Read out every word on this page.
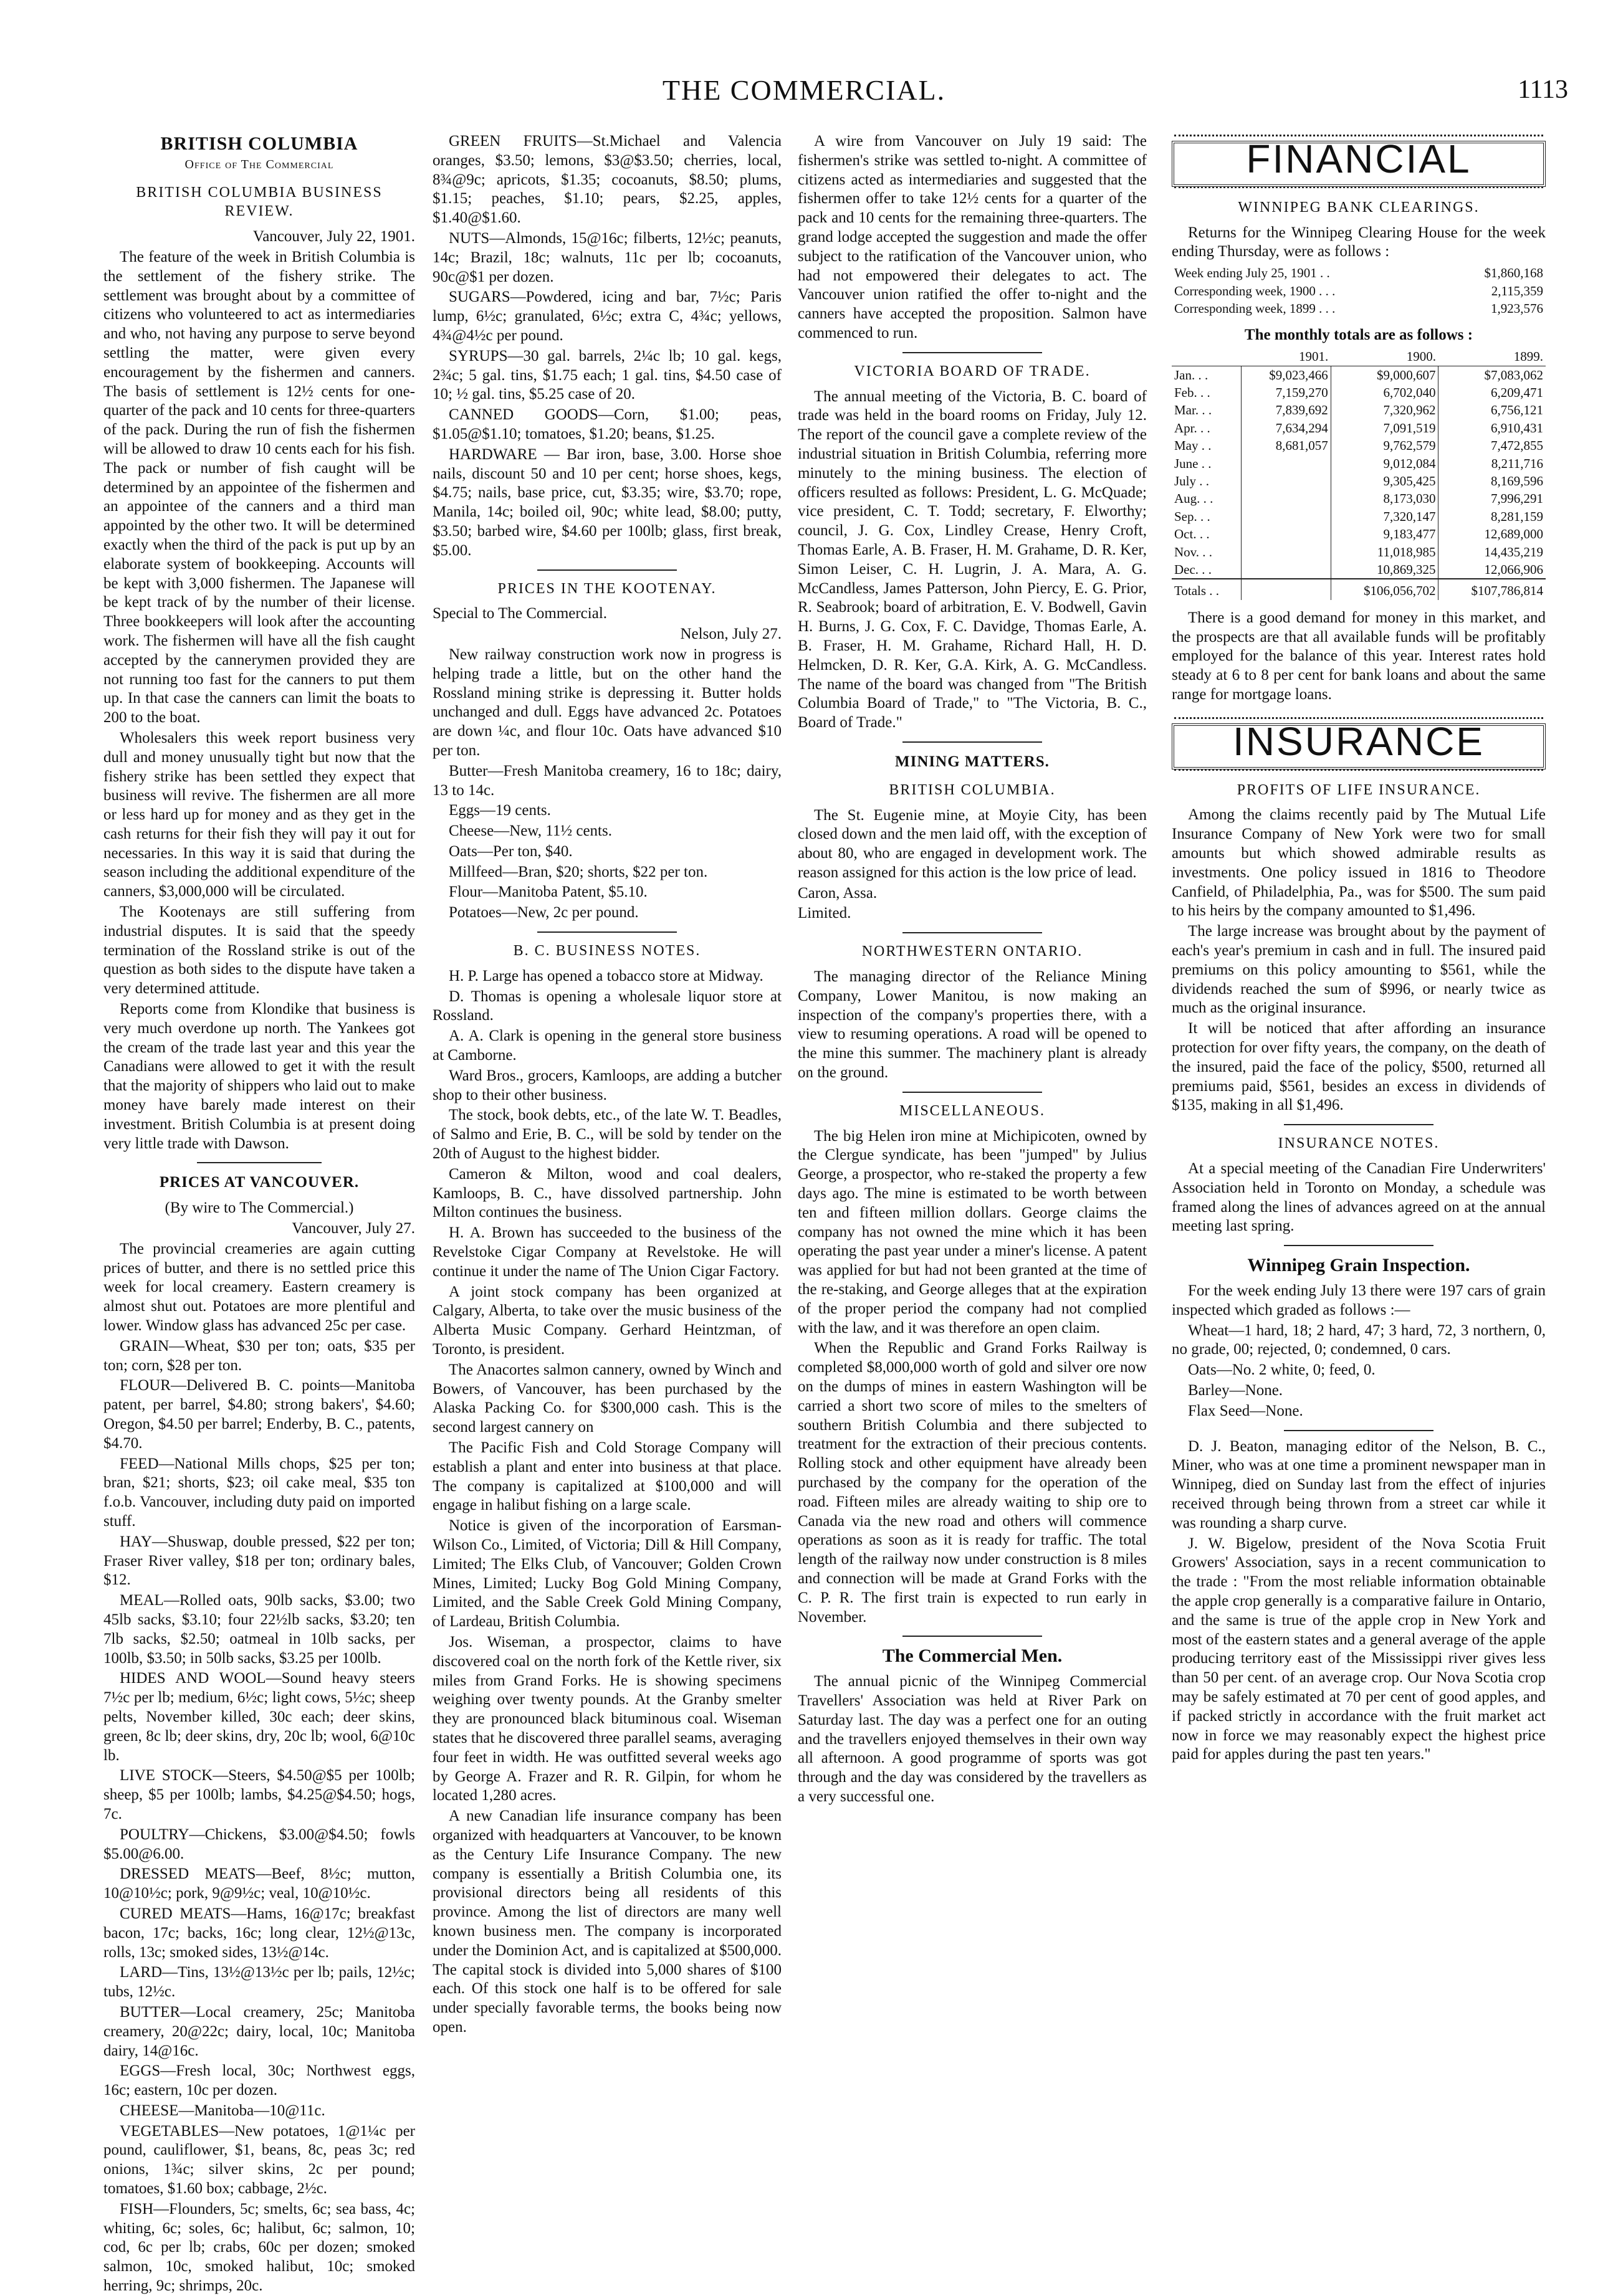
THE COMMERCIAL.	1113
BRITISH COLUMBIA
Office of The Commercial
BRITISH COLUMBIA BUSINESS REVIEW.

Vancouver, July 22, 1901.

The feature of the week in British Columbia is the settlement of the fishery strike. The settlement was brought about by a committee of citizens who volunteered to act as intermediaries and who, not having any purpose to serve beyond settling the matter, were given every encouragement by the fishermen and canners. The basis of settlement is 12½ cents for one-quarter of the pack and 10 cents for three-quarters of the pack. During the run of fish the fishermen will be allowed to draw 10 cents each for his fish. The pack or number of fish caught will be determined by an appointee of the fishermen and an appointee of the canners and a third man appointed by the other two. It will be determined exactly when the third of the pack is put up by an elaborate system of bookkeeping. Accounts will be kept with 3,000 fishermen. The Japanese will be kept track of by the number of their license. Three bookkeepers will look after the accounting work. The fishermen will have all the fish caught accepted by the cannerymen provided they are not running too fast for the canners to put them up. In that case the canners can limit the boats to 200 to the boat.

Wholesalers this week report business very dull and money unusually tight but now that the fishery strike has been settled they expect that business will revive. The fishermen are all more or less hard up for money and as they get in the cash returns for their fish they will pay it out for necessaries. In this way it is said that during the season including the additional expenditure of the canners, $3,000,000 will be circulated.

The Kootenays are still suffering from industrial disputes. It is said that the speedy termination of the Rossland strike is out of the question as both sides to the dispute have taken a very determined attitude.

Reports come from Klondike that business is very much overdone up north. The Yankees got the cream of the trade last year and this year the Canadians were allowed to get it with the result that the majority of shippers who laid out to make money have barely made interest on their investment. British Columbia is at present doing very little trade with Dawson.

PRICES AT VANCOUVER.

(By wire to The Commercial.)

Vancouver, July 27.

The provincial creameries are again cutting prices of butter, and there is no settled price this week for local creamery. Eastern creamery is almost shut out. Potatoes are more plentiful and lower. Window glass has advanced 25c per case.

GRAIN—Wheat, $30 per ton; oats, $35 per ton; corn, $28 per ton.

FLOUR—Delivered B. C. points—Manitoba patent, per barrel, $4.80; strong bakers', $4.60; Oregon, $4.50 per barrel; Enderby, B. C., patents, $4.70.

FEED—National Mills chops, $25 per ton; bran, $21; shorts, $23; oil cake meal, $35 ton f.o.b. Vancouver, including duty paid on imported stuff.

HAY—Shuswap, double pressed, $22 per ton; Fraser River valley, $18 per ton; ordinary bales, $12.

MEAL—Rolled oats, 90lb sacks, $3.00; two 45lb sacks, $3.10; four 22½lb sacks, $3.20; ten 7lb sacks, $2.50; oatmeal in 10lb sacks, per 100lb, $3.50; in 50lb sacks, $3.25 per 100lb.

HIDES AND WOOL—Sound heavy steers 7½c per lb; medium, 6½c; light cows, 5½c; sheep pelts, November killed, 30c each; deer skins, green, 8c lb; deer skins, dry, 20c lb; wool, 6@10c lb.

LIVE STOCK—Steers, $4.50@$5 per 100lb; sheep, $5 per 100lb; lambs, $4.25@$4.50; hogs, 7c.

POULTRY—Chickens, $3.00@$4.50; fowls $5.00@6.00.

DRESSED MEATS—Beef, 8½c; mutton, 10@10½c; pork, 9@9½c; veal, 10@10½c.

CURED MEATS—Hams, 16@17c; breakfast bacon, 17c; backs, 16c; long clear, 12½@13c, rolls, 13c; smoked sides, 13½@14c.

LARD—Tins, 13½@13½c per lb; pails, 12½c; tubs, 12½c.

BUTTER—Local creamery, 25c; Manitoba creamery, 20@22c; dairy, local, 10c; Manitoba dairy, 14@16c.

EGGS—Fresh local, 30c; Northwest eggs, 16c; eastern, 10c per dozen.

CHEESE—Manitoba—10@11c.

VEGETABLES—New potatoes, 1@1¼c per pound, cauliflower, $1, beans, 8c, peas 3c; red onions, 1¾c; silver skins, 2c per pound; tomatoes, $1.60 box; cabbage, 2½c.

FISH—Flounders, 5c; smelts, 6c; sea bass, 4c; whiting, 6c; soles, 6c; halibut, 6c; salmon, 10; cod, 6c per lb; crabs, 60c per dozen; smoked salmon, 10c, smoked halibut, 10c; smoked herring, 9c; shrimps, 20c.

GREEN FRUITS—St.Michael and Valencia oranges, $3.50; lemons, $3@$3.50; cherries, local, 8¾@9c; apricots, $1.35; cocoanuts, $8.50; plums, $1.15; peaches, $1.10; pears, $2.25, apples, $1.40@$1.60.

NUTS—Almonds, 15@16c; filberts, 12½c; peanuts, 14c; Brazil, 18c; walnuts, 11c per lb; cocoanuts, 90c@$1 per dozen.

SUGARS—Powdered, icing and bar, 7½c; Paris lump, 6½c; granulated, 6½c; extra C, 4¾c; yellows, 4¾@4½c per pound.

SYRUPS—30 gal. barrels, 2¼c lb; 10 gal. kegs, 2¾c; 5 gal. tins, $1.75 each; 1 gal. tins, $4.50 case of 10; ½ gal. tins, $5.25 case of 20.

CANNED GOODS—Corn, $1.00; peas, $1.05@$1.10; tomatoes, $1.20; beans, $1.25.

HARDWARE — Bar iron, base, 3.00. Horse shoe nails, discount 50 and 10 per cent; horse shoes, kegs, $4.75; nails, base price, cut, $3.35; wire, $3.70; rope, Manila, 14c; boiled oil, 90c; white lead, $8.00; putty, $3.50; barbed wire, $4.60 per 100lb; glass, first break, $5.00.

PRICES IN THE KOOTENAY.

Special to The Commercial.

Nelson, July 27.

New railway construction work now in progress is helping trade a little, but on the other hand the Rossland mining strike is depressing it. Butter holds unchanged and dull. Eggs have advanced 2c. Potatoes are down ¼c, and flour 10c. Oats have advanced $10 per ton.

Butter—Fresh Manitoba creamery, 16 to 18c; dairy, 13 to 14c.

Eggs—19 cents.

Cheese—New, 11½ cents.

Oats—Per ton, $40.

Millfeed—Bran, $20; shorts, $22 per ton.

Flour—Manitoba Patent, $5.10.

Potatoes—New, 2c per pound.

B. C. BUSINESS NOTES.

H. P. Large has opened a tobacco store at Midway.

D. Thomas is opening a wholesale liquor store at Rossland.

A. A. Clark is opening in the general store business at Camborne.

Ward Bros., grocers, Kamloops, are adding a butcher shop to their other business.

The stock, book debts, etc., of the late W. T. Beadles, of Salmo and Erie, B. C., will be sold by tender on the 20th of August to the highest bidder.

Cameron & Milton, wood and coal dealers, Kamloops, B. C., have dissolved partnership. John Milton continues the business.

H. A. Brown has succeeded to the business of the Revelstoke Cigar Company at Revelstoke. He will continue it under the name of The Union Cigar Factory.

A joint stock company has been organized at Calgary, Alberta, to take over the music business of the Alberta Music Company. Gerhard Heintzman, of Toronto, is president.

The Anacortes salmon cannery, owned by Winch and Bowers, of Vancouver, has been purchased by the Alaska Packing Co. for $300,000 cash. This is the second largest cannery on

The Pacific Fish and Cold Storage Company will establish a plant and enter into business at that place. The company is capitalized at $100,000 and will engage in halibut fishing on a large scale.

Notice is given of the incorporation of Earsman-Wilson Co., Limited, of Victoria; Dill & Hill Company, Limited; The Elks Club, of Vancouver; Golden Crown Mines, Limited; Lucky Bog Gold Mining Company, Limited, and the Sable Creek Gold Mining Company, of Lardeau, British Columbia.

Jos. Wiseman, a prospector, claims to have discovered coal on the north fork of the Kettle river, six miles from Grand Forks. He is showing specimens weighing over twenty pounds. At the Granby smelter they are pronounced black bituminous coal. Wiseman states that he discovered three parallel seams, averaging four feet in width. He was outfitted several weeks ago by George A. Frazer and R. R. Gilpin, for whom he located 1,280 acres.

A new Canadian life insurance company has been organized with headquarters at Vancouver, to be known as the Century Life Insurance Company. The new company is essentially a British Columbia one, its provisional directors being all residents of this province. Among the list of directors are many well known business men. The company is incorporated under the Dominion Act, and is capitalized at $500,000. The capital stock is divided into 5,000 shares of $100 each. Of this stock one half is to be offered for sale under specially favorable terms, the books being now open.

A wire from Vancouver on July 19 said: The fishermen's strike was settled to-night. A committee of citizens acted as intermediaries and suggested that the fishermen offer to take 12½ cents for a quarter of the pack and 10 cents for the remaining three-quarters. The grand lodge accepted the suggestion and made the offer subject to the ratification of the Vancouver union, who had not empowered their delegates to act. The Vancouver union ratified the offer to-night and the canners have accepted the proposition. Salmon have commenced to run.

VICTORIA BOARD OF TRADE.

The annual meeting of the Victoria, B. C. board of trade was held in the board rooms on Friday, July 12. The report of the council gave a complete review of the industrial situation in British Columbia, referring more minutely to the mining business. The election of officers resulted as follows: President, L. G. McQuade; vice president, C. T. Todd; secretary, F. Elworthy; council, J. G. Cox, Lindley Crease, Henry Croft, Thomas Earle, A. B. Fraser, H. M. Grahame, D. R. Ker, Simon Leiser, C. H. Lugrin, J. A. Mara, A. G. McCandless, James Patterson, John Piercy, E. G. Prior, R. Seabrook; board of arbitration, E. V. Bodwell, Gavin H. Burns, J. G. Cox, F. C. Davidge, Thomas Earle, A. B. Fraser, H. M. Grahame, Richard Hall, H. D. Helmcken, D. R. Ker, G.A. Kirk, A. G. McCandless. The name of the board was changed from "The British Columbia Board of Trade," to "The Victoria, B. C., Board of Trade."

MINING MATTERS.
BRITISH COLUMBIA.

The St. Eugenie mine, at Moyie City, has been closed down and the men laid off, with the exception of about 80, who are engaged in development work. The reason assigned for this action is the low price of lead.

Caron, Assa.

Limited.

NORTHWESTERN ONTARIO.

The managing director of the Reliance Mining Company, Lower Manitou, is now making an inspection of the company's properties there, with a view to resuming operations. A road will be opened to the mine this summer. The machinery plant is already on the ground.

MISCELLANEOUS.

The big Helen iron mine at Michipicoten, owned by the Clergue syndicate, has been "jumped" by Julius George, a prospector, who re-staked the property a few days ago. The mine is estimated to be worth between ten and fifteen million dollars. George claims the company has not owned the mine which it has been operating the past year under a miner's license. A patent was applied for but had not been granted at the time of the re-staking, and George alleges that at the expiration of the proper period the company had not complied with the law, and it was therefore an open claim.

When the Republic and Grand Forks Railway is completed $8,000,000 worth of gold and silver ore now on the dumps of mines in eastern Washington will be carried a short two score of miles to the smelters of southern British Columbia and there subjected to treatment for the extraction of their precious contents. Rolling stock and other equipment have already been purchased by the company for the operation of the road. Fifteen miles are already waiting to ship ore to Canada via the new road and others will commence operations as soon as it is ready for traffic. The total length of the railway now under construction is 8 miles and connection will be made at Grand Forks with the C. P. R. The first train is expected to run early in November.

The Commercial Men.

The annual picnic of the Winnipeg Commercial Travellers' Association was held at River Park on Saturday last. The day was a perfect one for an outing and the travellers enjoyed themselves in their own way all afternoon. A good programme of sports was got through and the day was considered by the travellers as a very successful one.

FINANCIAL
WINNIPEG BANK CLEARINGS.

Returns for the Winnipeg Clearing House for the week ending Thursday, were as follows :

Week ending July 25, 1901 . .	$1,860,168
Corresponding week, 1900 . . .	2,115,359
Corresponding week, 1899 . . .	1,923,576

The monthly totals are as follows :

	1901.	1900.	1899.
Jan. . .	$9,023,466	$9,000,607	$7,083,062
Feb. . .	7,159,270	6,702,040	6,209,471
Mar. . .	7,839,692	7,320,962	6,756,121
Apr. . .	7,634,294	7,091,519	6,910,431
May . .	8,681,057	9,762,579	7,472,855
June . .		9,012,084	8,211,716
July . .		9,305,425	8,169,596
Aug. . .		8,173,030	7,996,291
Sep. . .		7,320,147	8,281,159
Oct. . .		9,183,477	12,689,000
Nov. . .		11,018,985	14,435,219
Dec. . .		10,869,325	12,066,906
Totals . .		$106,056,702	$107,786,814

There is a good demand for money in this market, and the prospects are that all available funds will be profitably employed for the balance of this year. Interest rates hold steady at 6 to 8 per cent for bank loans and about the same range for mortgage loans.

INSURANCE
PROFITS OF LIFE INSURANCE.

Among the claims recently paid by The Mutual Life Insurance Company of New York were two for small amounts but which showed admirable results as investments. One policy issued in 1816 to Theodore Canfield, of Philadelphia, Pa., was for $500. The sum paid to his heirs by the company amounted to $1,496.

The large increase was brought about by the payment of each's year's premium in cash and in full. The insured paid premiums on this policy amounting to $561, while the dividends reached the sum of $996, or nearly twice as much as the original insurance.

It will be noticed that after affording an insurance protection for over fifty years, the company, on the death of the insured, paid the face of the policy, $500, returned all premiums paid, $561, besides an excess in dividends of $135, making in all $1,496.

INSURANCE NOTES.

At a special meeting of the Canadian Fire Underwriters' Association held in Toronto on Monday, a schedule was framed along the lines of advances agreed on at the annual meeting last spring.

Winnipeg Grain Inspection.

For the week ending July 13 there were 197 cars of grain inspected which graded as follows :—

Wheat—1 hard, 18; 2 hard, 47; 3 hard, 72, 3 northern, 0, no grade, 00; rejected, 0; condemned, 0 cars.

Oats—No. 2 white, 0; feed, 0.

Barley—None.

Flax Seed—None.

D. J. Beaton, managing editor of the Nelson, B. C., Miner, who was at one time a prominent newspaper man in Winnipeg, died on Sunday last from the effect of injuries received through being thrown from a street car while it was rounding a sharp curve.

J. W. Bigelow, president of the Nova Scotia Fruit Growers' Association, says in a recent communication to the trade : "From the most reliable information obtainable the apple crop generally is a comparative failure in Ontario, and the same is true of the apple crop in New York and most of the eastern states and a general average of the apple producing territory east of the Mississippi river gives less than 50 per cent. of an average crop. Our Nova Scotia crop may be safely estimated at 70 per cent of good apples, and if packed strictly in accordance with the fruit market act now in force we may reasonably expect the highest price paid for apples during the past ten years."
